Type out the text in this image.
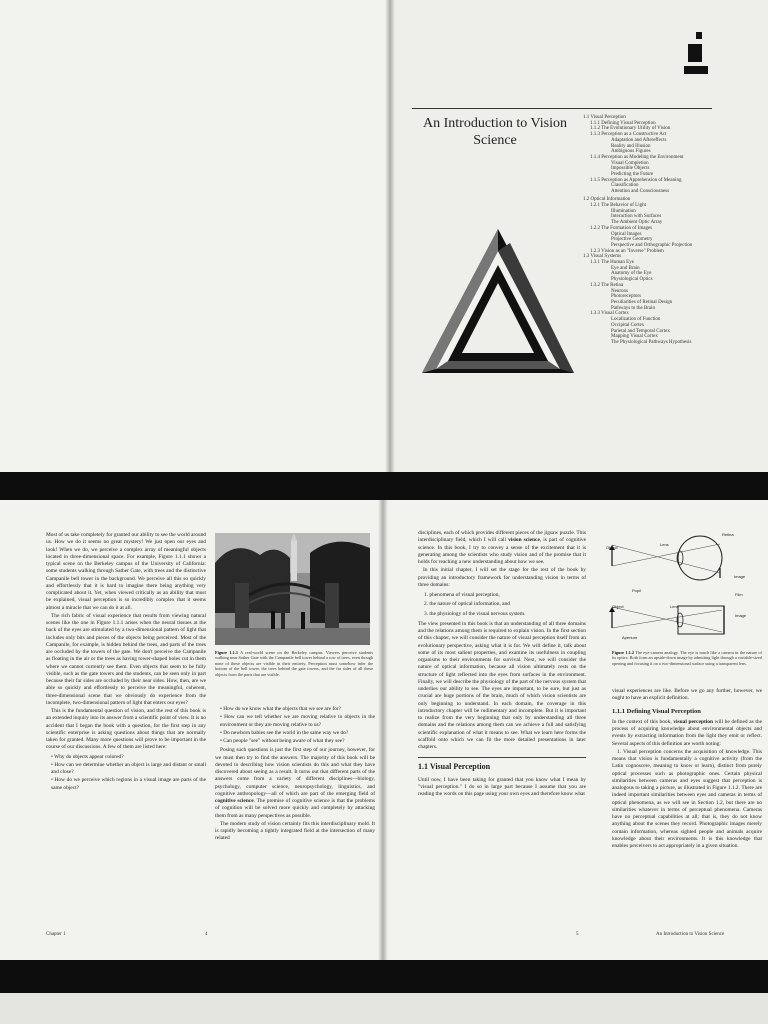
An Introduction to Vision Science
1.1 Visual Perception
1.1.1 Defining Visual Perception
1.1.2 The Evolutionary Utility of Vision
1.1.3 Perception as a Constructive Act
Adaptation and Aftereffects
Reality and Illusion
Ambiguous Figures
1.1.4 Perception as Modeling the Environment
Visual Completion
Impossible Objects
Predicting the Future
1.1.5 Perception as Apprehension of Meaning
Classification
Attention and Consciousness
1.2 Optical Information
1.2.1 The Behavior of Light
Illumination
Interaction with Surfaces
The Ambient Optic Array
1.2.2 The Formation of Images
Optical Images
Projective Geometry
Perspective and Orthographic Projection
1.2.3 Vision as an "Inverse" Problem
1.3 Visual Systems
1.3.1 The Human Eye
Eye and Brain
Anatomy of the Eye
Physiological Optics
1.3.2 The Retina
Neurons
Photoreceptors
Peculiarities of Retinal Design
Pathways to the Brain
1.3.3 Visual Cortex
Localization of Function
Occipital Cortex
Parietal and Temporal Cortex
Mapping Visual Cortex
The Physiological Pathways Hypothesis

Most of us take completely for granted our ability to see the world around us. How we do it seems no great mystery! We just open our eyes and look! When we do, we perceive a complex array of meaningful objects located in three-dimensional space. For example, Figure 1.1.1 shows a typical scene on the Berkeley campus of the University of California: some students walking through Sather Gate, with trees and the distinctive Campanile bell tower in the background. We perceive all this so quickly and effortlessly that it is hard to imagine there being anything very complicated about it. Yet, when viewed critically as an ability that must be explained, visual perception is so incredibly complex that it seems almost a miracle that we can do it at all.

The rich fabric of visual experience that results from viewing natural scenes like the one in Figure 1.1.1 arises when the neural tissues at the back of the eyes are stimulated by a two-dimensional pattern of light that includes only bits and pieces of the objects being perceived. Most of the Campanile, for example, is hidden behind the trees, and parts of the trees are occluded by the towers of the gate. We don't perceive the Campanile as floating in the air or the trees as having tower-shaped holes cut in them where we cannot currently see them. Even objects that seem to be fully visible, such as the gate towers and the students, can be seen only in part because their far sides are occluded by their near sides. How, then, are we able so quickly and effortlessly to perceive the meaningful, coherent, three-dimensional scene that we obviously do experience from the incomplete, two-dimensional pattern of light that enters our eyes?

This is the fundamental question of vision, and the rest of this book is an extended inquiry into its answer from a scientific point of view. It is no accident that I began the book with a question, for the first step in any scientific enterprise is asking questions about things that are normally taken for granted. Many more questions will prove to be important in the course of our discussions. A few of them are listed here:

• Why do objects appear colored?
• How can we determine whether an object is large and distant or small and close?
• How do we perceive which regions in a visual image are parts of the same object?
Figure 1.1.1 A real-world scene on the Berkeley campus. Viewers perceive students walking near Sather Gate with the Campanile bell tower behind a row of trees, even though none of these objects are visible in their entirety. Perception must somehow infer the bottom of the bell tower, the trees behind the gate towers, and the far sides of all these objects from the parts that are visible.
• How do we know what the objects that we see are for?
• How can we tell whether we are moving relative to objects in the environment or they are moving relative to us?
• Do newborn babies see the world in the same way we do?
• Can people "see" without being aware of what they see?

Posing such questions is just the first step of our journey, however, for we must then try to find the answers. The majority of this book will be devoted to describing how vision scientists do this and what they have discovered about seeing as a result. It turns out that different parts of the answers come from a variety of different disciplines—biology, psychology, computer science, neuropsychology, linguistics, and cognitive anthropology—all of which are part of the emerging field of cognitive science. The premise of cognitive science is that the problems of cognition will be solved more quickly and completely by attacking them from as many perspectives as possible.

The modern study of vision certainly fits this interdisciplinary mold. It is rapidly becoming a tightly integrated field at the intersection of many related

Chapter 1	4

disciplines, each of which provides different pieces of the jigsaw puzzle. This interdisciplinary field, which I will call vision science, is part of cognitive science. In this book, I try to convey a sense of the excitement that it is generating among the scientists who study vision and of the promise that it holds for reaching a new understanding about how we see.

In this initial chapter, I will set the stage for the rest of the book by providing an introductory framework for understanding vision in terms of three domains:

1. phenomena of visual perception,
2. the nature of optical information, and
3. the physiology of the visual nervous system.

The view presented in this book is that an understanding of all three domains and the relations among them is required to explain vision. In the first section of this chapter, we will consider the nature of visual perception itself from an evolutionary perspective, asking what it is for. We will define it, talk about some of its most salient properties, and examine its usefulness in coupling organisms to their environments for survival. Next, we will consider the nature of optical information, because all vision ultimately rests on the structure of light reflected into the eyes from surfaces in the environment. Finally, we will describe the physiology of the part of the nervous system that underlies our ability to see. The eyes are important, to be sure, but just as crucial are huge portions of the brain, much of which vision scientists are only beginning to understand. In each domain, the coverage in this introductory chapter will be rudimentary and incomplete. But it is important to realize from the very beginning that only by understanding all three domains and the relations among them can we achieve a full and satisfying scientific explanation of what it means to see. What we learn here forms the scaffold onto which we can fit the more detailed presentations in later chapters.

1.1 Visual Perception

Until now, I have been taking for granted that you know what I mean by "visual perception." I do so in large part because I assume that you are reading the words on this page using your own eyes and therefore know what

Object
Lens
Retina
Image
Pupil
Film
Object	Lens
Image
Aperture
Figure 1.1.2 The eye-camera analogy. The eye is much like a camera in the nature of its optics: Both form an upside-down image by admitting light through a variable-sized opening and focusing it on a two-dimensional surface using a transparent lens.

visual experiences are like. Before we go any further, however, we ought to have an explicit definition.

1.1.1 Defining Visual Perception

In the context of this book, visual perception will be defined as the process of acquiring knowledge about environmental objects and events by extracting information from the light they emit or reflect. Several aspects of this definition are worth noting:

1. Visual perception concerns the acquisition of knowledge. This means that vision is fundamentally a cognitive activity (from the Latin cognoscere, meaning to know or learn), distinct from purely optical processes such as photographic ones. Certain physical similarities between cameras and eyes suggest that perception is analogous to taking a picture, as illustrated in Figure 1.1.2. There are indeed important similarities between eyes and cameras in terms of optical phenomena, as we will see in Section 1.2, but there are no similarities whatever in terms of perceptual phenomena. Cameras have no perceptual capabilities at all; that is, they do not know anything about the scenes they record. Photographic images merely contain information, whereas sighted people and animals acquire knowledge about their environments. It is this knowledge that enables perceivers to act appropriately in a given situation.

5	An Introduction to Vision Science
